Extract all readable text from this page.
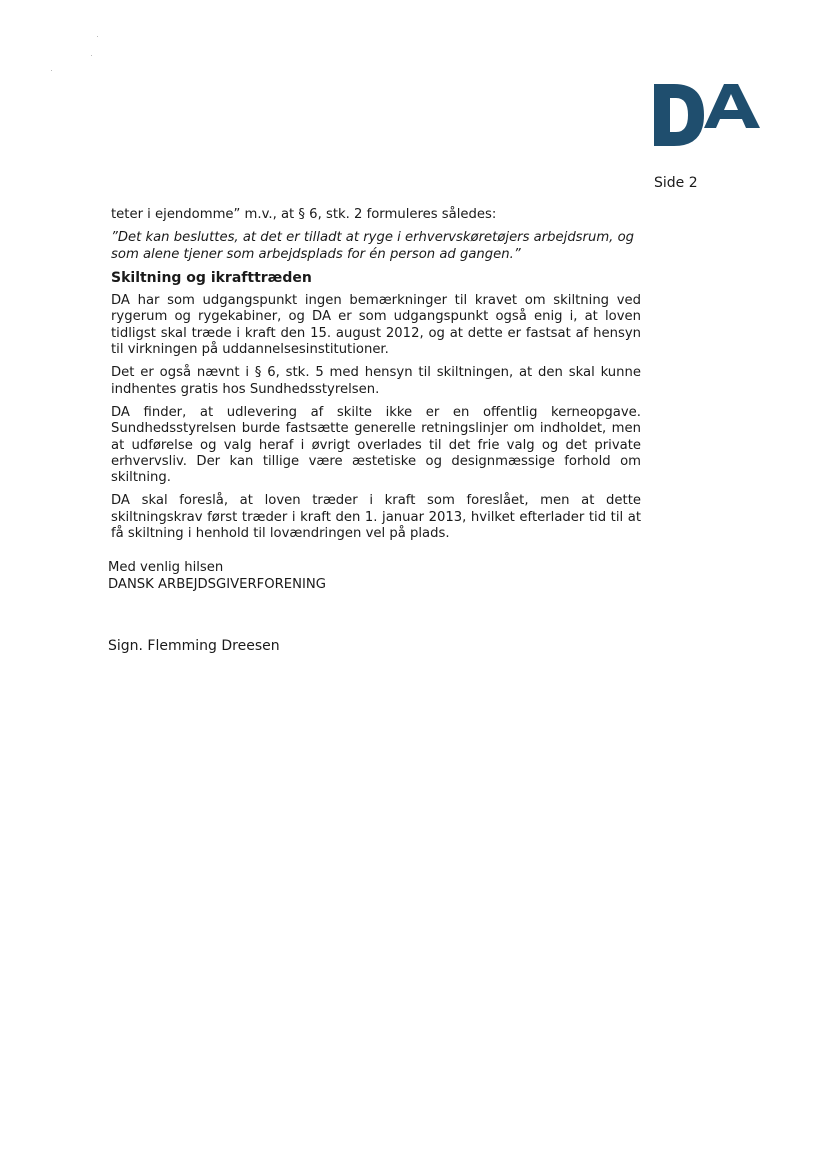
DA
Side 2

teter i ejendomme” m.v., at § 6, stk. 2 formuleres således:

”Det kan besluttes, at det er tilladt at ryge i erhvervskøretøjers arbejdsrum, og som alene tjener som arbejdsplads for én person ad gangen.”

Skiltning og ikrafttræden

DA har som udgangspunkt ingen bemærkninger til kravet om skiltning ved rygerum og rygekabiner, og DA er som udgangspunkt også enig i, at loven tidligst skal træde i kraft den 15. august 2012, og at dette er fastsat af hensyn til virkningen på uddannelsesinstitutioner.

Det er også nævnt i § 6, stk. 5 med hensyn til skiltningen, at den skal kunne indhentes gratis hos Sundhedsstyrelsen.

DA finder, at udlevering af skilte ikke er en offentlig kerneopgave. Sundhedsstyrelsen burde fastsætte generelle retningslinjer om indholdet, men at udførelse og valg heraf i øvrigt overlades til det frie valg og det private erhvervsliv. Der kan tillige være æstetiske og designmæssige forhold om skiltning.

DA skal foreslå, at loven træder i kraft som foreslået, men at dette skiltningskrav først træder i kraft den 1. januar 2013, hvilket efterlader tid til at få skiltning i henhold til lovændringen vel på plads.

Med venlig hilsen
DANSK ARBEJDSGIVERFORENING
Sign. Flemming Dreesen
